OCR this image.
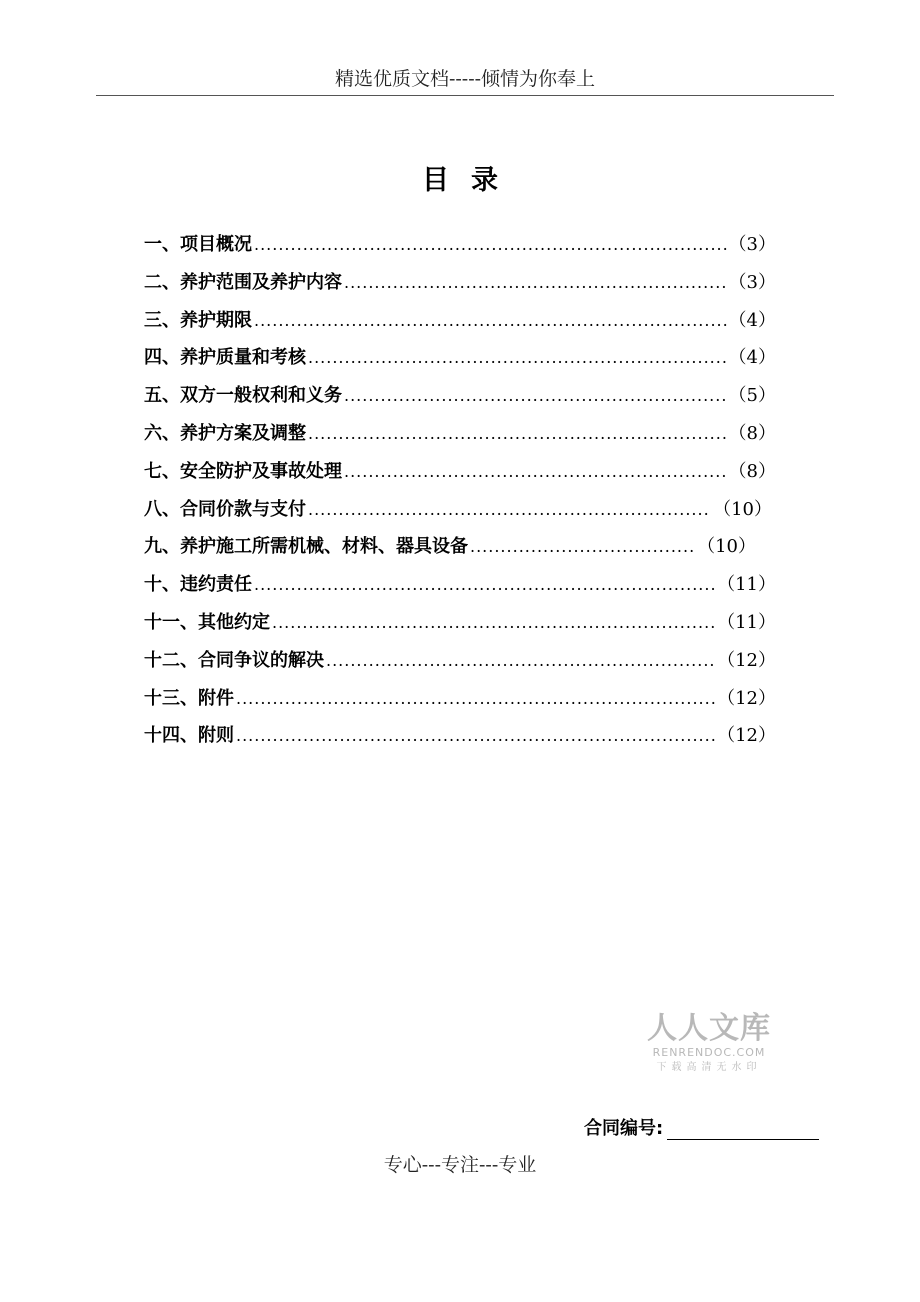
精选优质文档-----倾情为你奉上
目录
一、项目概况 .....	（3）
二、养护范围及养护内容 .....	（3）
三、养护期限 .....	（4）
四、养护质量和考核 .....	（4）
五、双方一般权利和义务 .....	（5）
六、养护方案及调整 .....	（8）
七、安全防护及事故处理 .....	（8）
八、合同价款与支付 .....	（10）
九、养护施工所需机械、材料、器具设备 .....	（10）
十、违约责任 .....	（11）
十一、其他约定 .....	（11）
十二、合同争议的解决 .....	（12）
十三、附件 .....	（12）
十四、附则 .....	（12）
人人文库
RENRENDOC.COM
下载高清无水印
合同编号:
专心---专注---专业
